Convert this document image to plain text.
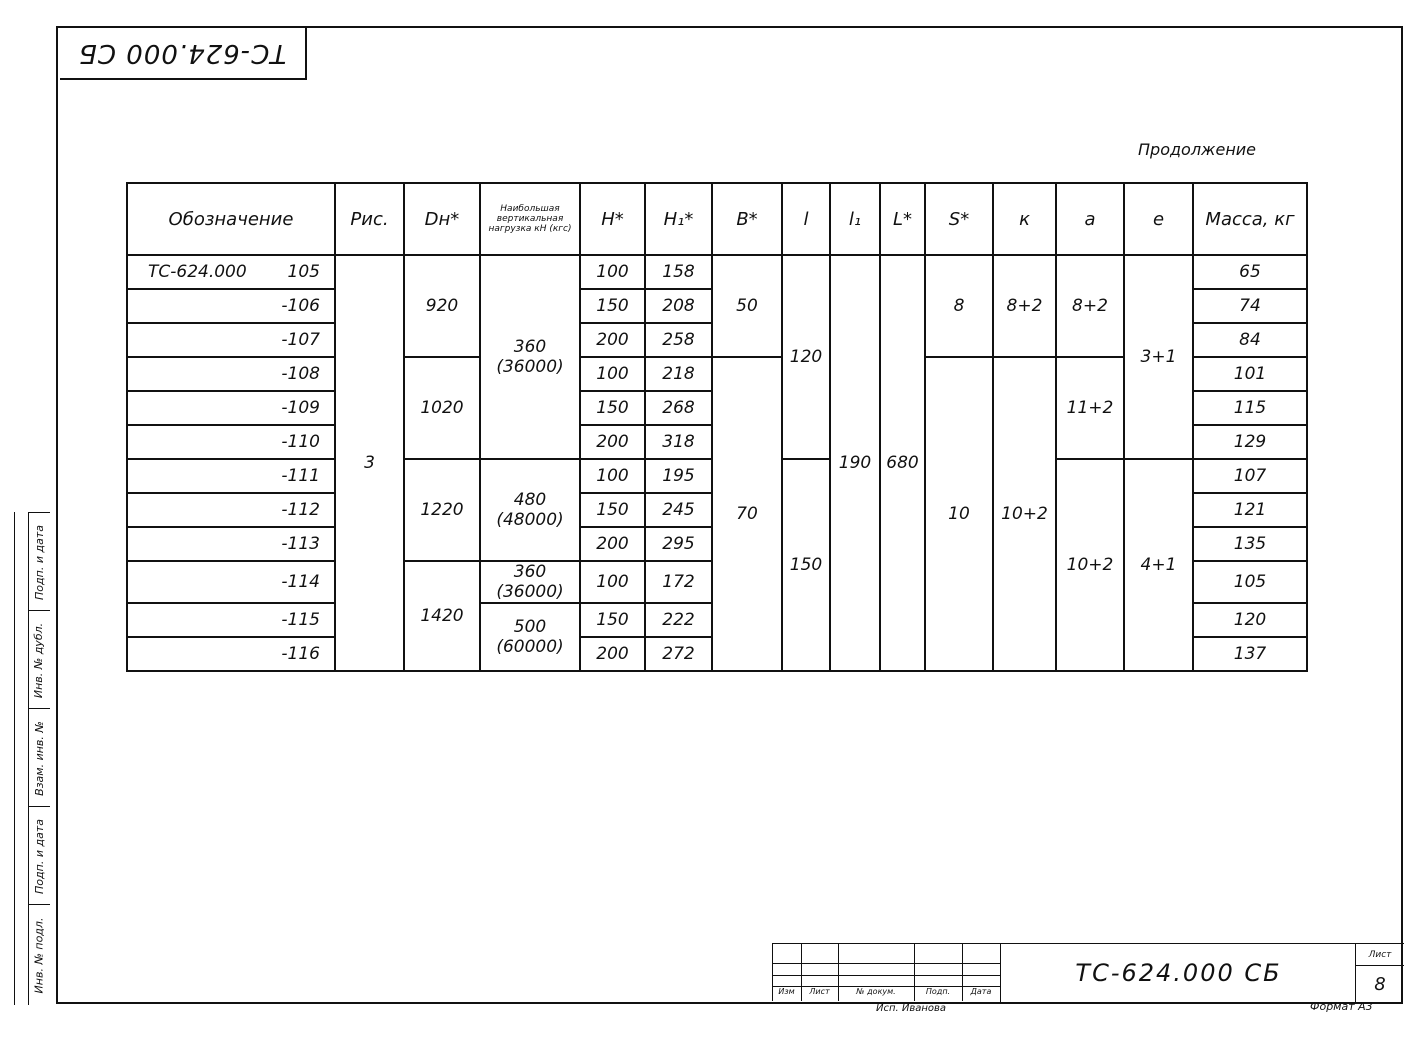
ТС-624.000 СБ
Подп. и дата
Инв. № дубл.
Взам. инв. №
Подп. и дата
Инв. № подл.
Продолжение
Обозначение	Рис.	Dн*	Наибольшая вертикальная нагрузка кН (кгс)	H*	H₁*	B*	l	l₁	L*	S*	к	a	e	Масса, кг

ТС-624.000 105	3	920	360 (36000)	100	158	50	120	190	680	8	8+2	8+2	3+1	65

-106				150	208									74

-107				200	258									84

-108		1020		100	218	70				10	10+2	11+2		101

-109				150	268									115

-110				200	318									129

-111		1220	480 (48000)	100	195		150					10+2	4+1	107

-112				150	245									121

-113				200	295									135

-114		1420	360 (36000)	100	172									105

-115			500 (60000)	150	222									120

-116				200	272									137
Изм	Лист	№ докум.	Подп.	Дата
ТС-624.000 СБ
Лист
8
Исп. Иванова	Формат А3
